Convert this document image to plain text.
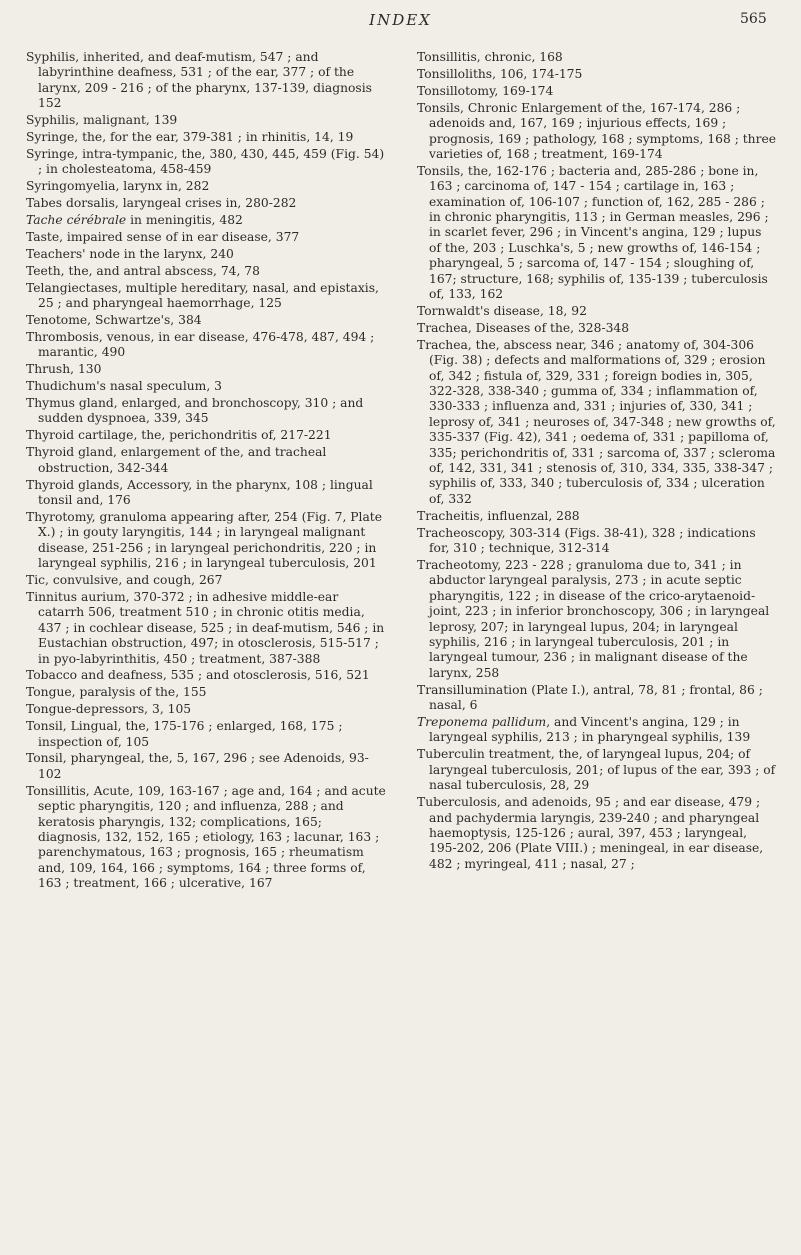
INDEX	565
Syphilis, inherited, and deaf-mutism, 547 ; and labyrinthine deafness, 531 ; of the ear, 377 ; of the larynx, 209 - 216 ; of the pharynx, 137-139, diagnosis 152
Syphilis, malignant, 139
Syringe, the, for the ear, 379-381 ; in rhinitis, 14, 19
Syringe, intra-tympanic, the, 380, 430, 445, 459 (Fig. 54) ; in cholesteatoma, 458-459
Syringomyelia, larynx in, 282
Tabes dorsalis, laryngeal crises in, 280-282
Tache cérébrale in meningitis, 482
Taste, impaired sense of in ear disease, 377
Teachers' node in the larynx, 240
Teeth, the, and antral abscess, 74, 78
Telangiectases, multiple hereditary, nasal, and epistaxis, 25 ; and pharyngeal haemorrhage, 125
Tenotome, Schwartze's, 384
Thrombosis, venous, in ear disease, 476-478, 487, 494 ; marantic, 490
Thrush, 130
Thudichum's nasal speculum, 3
Thymus gland, enlarged, and bronchoscopy, 310 ; and sudden dyspnoea, 339, 345
Thyroid cartilage, the, perichondritis of, 217-221
Thyroid gland, enlargement of the, and tracheal obstruction, 342-344
Thyroid glands, Accessory, in the pharynx, 108 ; lingual tonsil and, 176
Thyrotomy, granuloma appearing after, 254 (Fig. 7, Plate X.) ; in gouty laryngitis, 144 ; in laryngeal malignant disease, 251-256 ; in laryngeal perichondritis, 220 ; in laryngeal syphilis, 216 ; in laryngeal tuberculosis, 201
Tic, convulsive, and cough, 267
Tinnitus aurium, 370-372 ; in adhesive middle-ear catarrh 506, treatment 510 ; in chronic otitis media, 437 ; in cochlear disease, 525 ; in deaf-mutism, 546 ; in Eustachian obstruction, 497; in otosclerosis, 515-517 ; in pyo-labyrinthitis, 450 ; treatment, 387-388
Tobacco and deafness, 535 ; and otosclerosis, 516, 521
Tongue, paralysis of the, 155
Tongue-depressors, 3, 105
Tonsil, Lingual, the, 175-176 ; enlarged, 168, 175 ; inspection of, 105
Tonsil, pharyngeal, the, 5, 167, 296 ; see Adenoids, 93-102
Tonsillitis, Acute, 109, 163-167 ; age and, 164 ; and acute septic pharyngitis, 120 ; and influenza, 288 ; and keratosis pharyngis, 132; complications, 165; diagnosis, 132, 152, 165 ; etiology, 163 ; lacunar, 163 ; parenchymatous, 163 ; prognosis, 165 ; rheumatism and, 109, 164, 166 ; symptoms, 164 ; three forms of, 163 ; treatment, 166 ; ulcerative, 167
Tonsillitis, chronic, 168
Tonsilloliths, 106, 174-175
Tonsillotomy, 169-174
Tonsils, Chronic Enlargement of the, 167-174, 286 ; adenoids and, 167, 169 ; injurious effects, 169 ; prognosis, 169 ; pathology, 168 ; symptoms, 168 ; three varieties of, 168 ; treatment, 169-174
Tonsils, the, 162-176 ; bacteria and, 285-286 ; bone in, 163 ; carcinoma of, 147 - 154 ; cartilage in, 163 ; examination of, 106-107 ; function of, 162, 285 - 286 ; in chronic pharyngitis, 113 ; in German measles, 296 ; in scarlet fever, 296 ; in Vincent's angina, 129 ; lupus of the, 203 ; Luschka's, 5 ; new growths of, 146-154 ; pharyngeal, 5 ; sarcoma of, 147 - 154 ; sloughing of, 167; structure, 168; syphilis of, 135-139 ; tuberculosis of, 133, 162
Tornwaldt's disease, 18, 92
Trachea, Diseases of the, 328-348
Trachea, the, abscess near, 346 ; anatomy of, 304-306 (Fig. 38) ; defects and malformations of, 329 ; erosion of, 342 ; fistula of, 329, 331 ; foreign bodies in, 305, 322-328, 338-340 ; gumma of, 334 ; inflammation of, 330-333 ; influenza and, 331 ; injuries of, 330, 341 ; leprosy of, 341 ; neuroses of, 347-348 ; new growths of, 335-337 (Fig. 42), 341 ; oedema of, 331 ; papilloma of, 335; perichondritis of, 331 ; sarcoma of, 337 ; scleroma of, 142, 331, 341 ; stenosis of, 310, 334, 335, 338-347 ; syphilis of, 333, 340 ; tuberculosis of, 334 ; ulceration of, 332
Tracheitis, influenzal, 288
Tracheoscopy, 303-314 (Figs. 38-41), 328 ; indications for, 310 ; technique, 312-314
Tracheotomy, 223 - 228 ; granuloma due to, 341 ; in abductor laryngeal paralysis, 273 ; in acute septic pharyngitis, 122 ; in disease of the crico-arytaenoid-joint, 223 ; in inferior bronchoscopy, 306 ; in laryngeal leprosy, 207; in laryngeal lupus, 204; in laryngeal syphilis, 216 ; in laryngeal tuberculosis, 201 ; in laryngeal tumour, 236 ; in malignant disease of the larynx, 258
Transillumination (Plate I.), antral, 78, 81 ; frontal, 86 ; nasal, 6
Treponema pallidum, and Vincent's angina, 129 ; in laryngeal syphilis, 213 ; in pharyngeal syphilis, 139
Tuberculin treatment, the, of laryngeal lupus, 204; of laryngeal tuberculosis, 201; of lupus of the ear, 393 ; of nasal tuberculosis, 28, 29
Tuberculosis, and adenoids, 95 ; and ear disease, 479 ; and pachydermia laryngis, 239-240 ; and pharyngeal haemoptysis, 125-126 ; aural, 397, 453 ; laryngeal, 195-202, 206 (Plate VIII.) ; meningeal, in ear disease, 482 ; myringeal, 411 ; nasal, 27 ;
